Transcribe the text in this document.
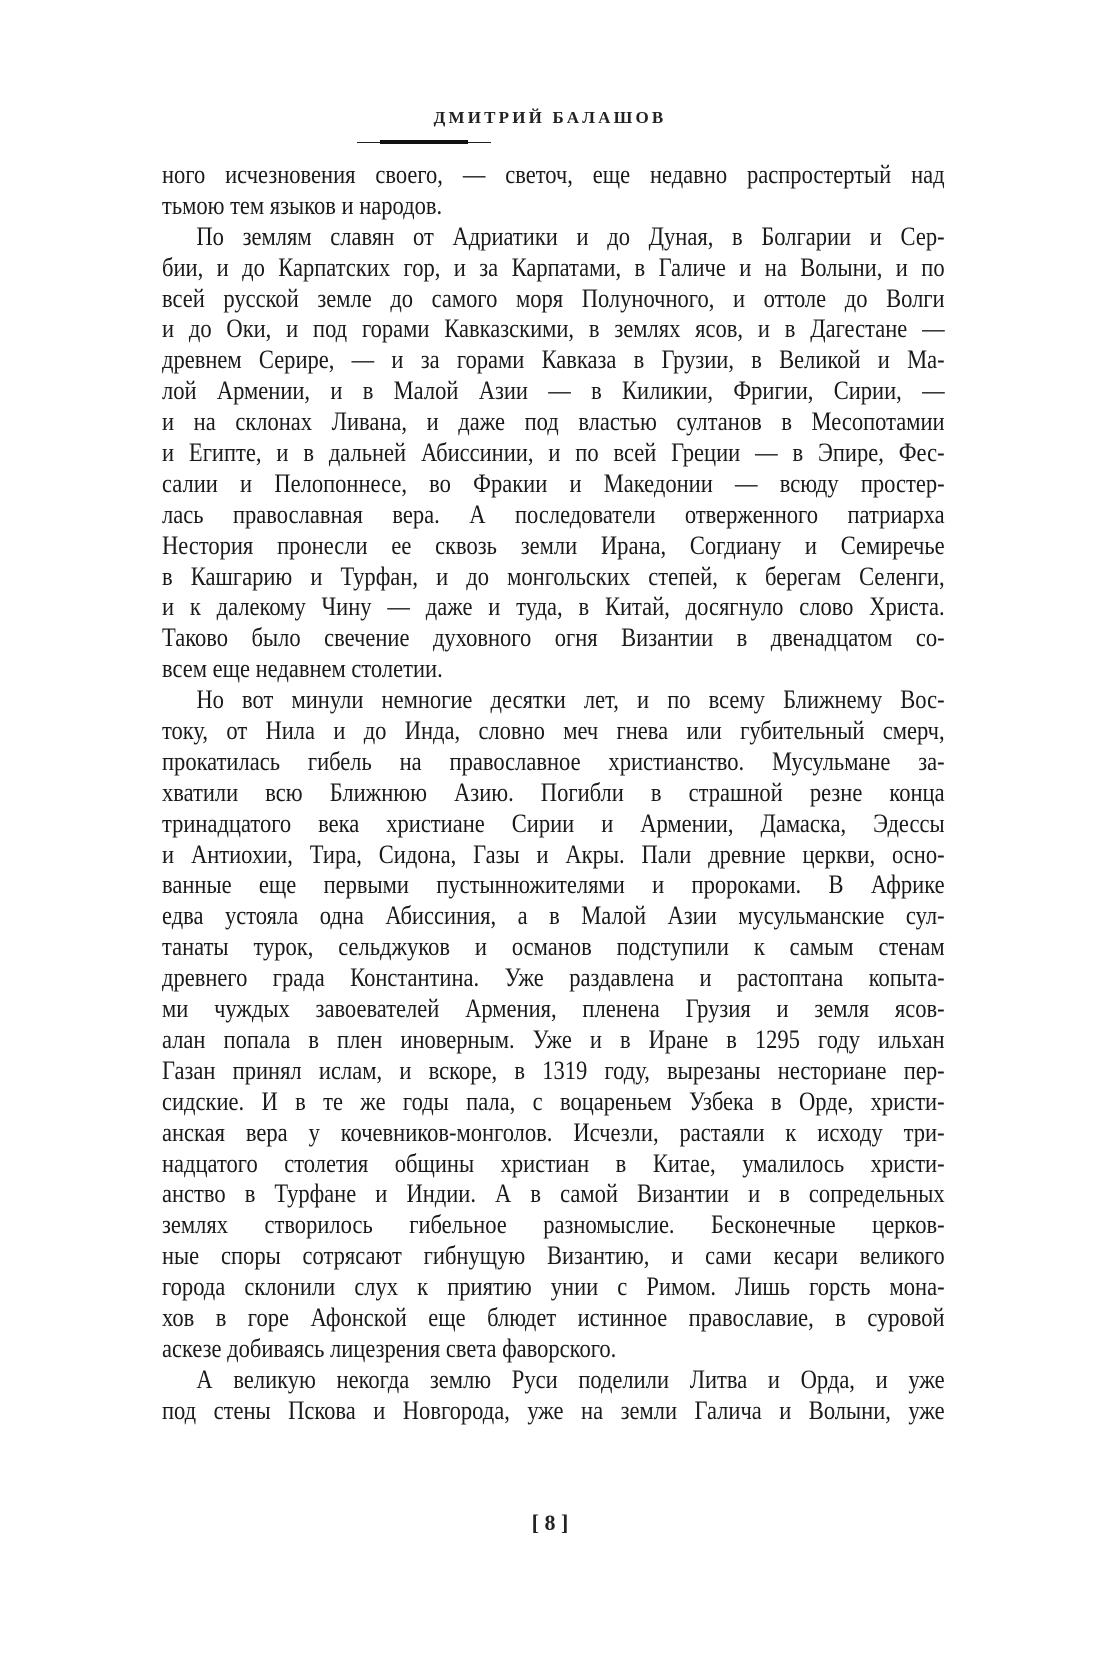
ДМИТРИЙ БАЛАШОВ
ного исчезновения своего, — светоч, еще недавно распростертый над
тьмою тем языков и народов.
По землям славян от Адриатики и до Дуная, в Болгарии и Сер-
бии, и до Карпатских гор, и за Карпатами, в Галиче и на Волыни, и по
всей русской земле до самого моря Полуночного, и оттоле до Волги
и до Оки, и под горами Кавказскими, в землях ясов, и в Дагестане —
древнем Серире, — и за горами Кавказа в Грузии, в Великой и Ма-
лой Армении, и в Малой Азии — в Киликии, Фригии, Сирии, —
и на склонах Ливана, и даже под властью султанов в Месопотамии
и Египте, и в дальней Абиссинии, и по всей Греции — в Эпире, Фес-
салии и Пелопоннесе, во Фракии и Македонии — всюду простер-
лась православная вера. А последователи отверженного патриарха
Нестория пронесли ее сквозь земли Ирана, Согдиану и Семиречье
в Кашгарию и Турфан, и до монгольских степей, к берегам Селенги,
и к далекому Чину — даже и туда, в Китай, досягнуло слово Христа.
Таково было свечение духовного огня Византии в двенадцатом со-
всем еще недавнем столетии.
Но вот минули немногие десятки лет, и по всему Ближнему Вос-
току, от Нила и до Инда, словно меч гнева или губительный смерч,
прокатилась гибель на православное христианство. Мусульмане за-
хватили всю Ближнюю Азию. Погибли в страшной резне конца
тринадцатого века христиане Сирии и Армении, Дамаска, Эдессы
и Антиохии, Тира, Сидона, Газы и Акры. Пали древние церкви, осно-
ванные еще первыми пустынножителями и пророками. В Африке
едва устояла одна Абиссиния, а в Малой Азии мусульманские сул-
танаты турок, сельджуков и османов подступили к самым стенам
древнего града Константина. Уже раздавлена и растоптана копыта-
ми чуждых завоевателей Армения, пленена Грузия и земля ясов-
алан попала в плен иноверным. Уже и в Иране в 1295 году ильхан
Газан принял ислам, и вскоре, в 1319 году, вырезаны несториане пер-
сидские. И в те же годы пала, с воцареньем Узбека в Орде, христи-
анская вера у кочевников-монголов. Исчезли, растаяли к исходу три-
надцатого столетия общины христиан в Китае, умалилось христи-
анство в Турфане и Индии. А в самой Византии и в сопредельных
землях створилось гибельное разномыслие. Бесконечные церков-
ные споры сотрясают гибнущую Византию, и сами кесари великого
города склонили слух к приятию унии с Римом. Лишь горсть мона-
хов в горе Афонской еще блюдет истинное православие, в суровой
аскезе добиваясь лицезрения света фаворского.
А великую некогда землю Руси поделили Литва и Орда, и уже
под стены Пскова и Новгорода, уже на земли Галича и Волыни, уже
[ 8 ]
